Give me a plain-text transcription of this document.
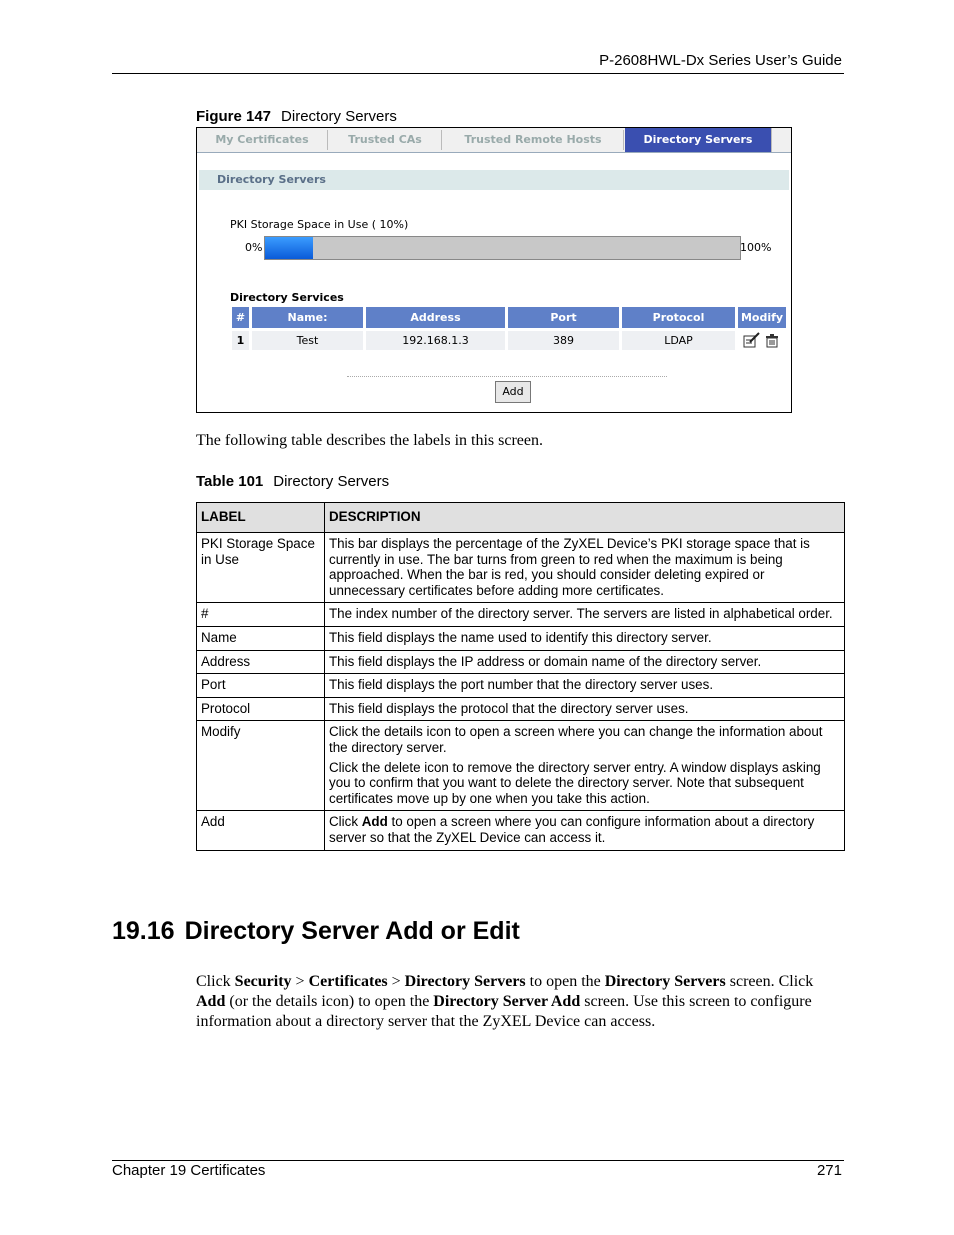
P-2608HWL-Dx Series User’s Guide
Figure 147 Directory Servers
My Certificates	Trusted CAs	Trusted Remote Hosts	Directory Servers
Directory Servers
PKI Storage Space in Use ( 10%)
0%	100%
Directory Services
#	Name:	Address	Port	Protocol	Modify
1	Test	192.168.1.3	389	LDAP
Add
The following table describes the labels in this screen.
Table 101 Directory Servers
LABEL	DESCRIPTION
PKI Storage Space in Use	This bar displays the percentage of the ZyXEL Device’s PKI storage space that is currently in use. The bar turns from green to red when the maximum is being approached. When the bar is red, you should consider deleting expired or unnecessary certificates before adding more certificates.

#	The index number of the directory server. The servers are listed in alphabetical order.

Name	This field displays the name used to identify this directory server.

Address	This field displays the IP address or domain name of the directory server.

Port	This field displays the port number that the directory server uses.

Protocol	This field displays the protocol that the directory server uses.

Modify	Click the details icon to open a screen where you can change the information about the directory server.

Click the delete icon to remove the directory server entry. A window displays asking you to confirm that you want to delete the directory server. Note that subsequent certificates move up by one when you take this action.

Add	Click Add to open a screen where you can configure information about a directory server so that the ZyXEL Device can access it.

19.16 Directory Server Add or Edit
Click Security > Certificates > Directory Servers to open the Directory Servers screen. Click Add (or the details icon) to open the Directory Server Add screen. Use this screen to configure information about a directory server that the ZyXEL Device can access.
Chapter 19 Certificates	271
